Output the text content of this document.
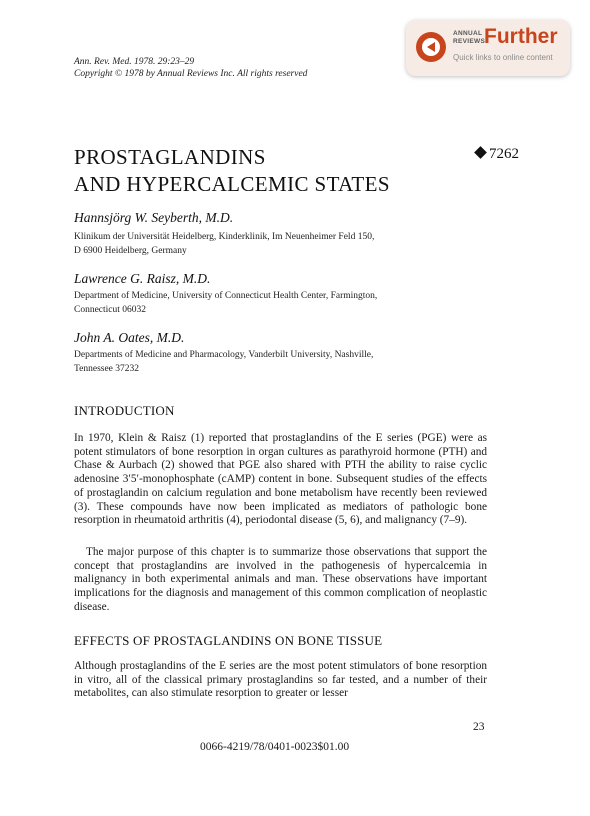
Ann. Rev. Med. 1978. 29:23–29
Copyright © 1978 by Annual Reviews Inc. All rights reserved
ANNUAL
REVIEWS
Further
Quick links to online content
PROSTAGLANDINS
AND HYPERCALCEMIC STATES
7262
Hannsjörg W. Seyberth, M.D.
Klinikum der Universität Heidelberg, Kinderklinik, Im Neuenheimer Feld 150,
D 6900 Heidelberg, Germany
Lawrence G. Raisz, M.D.
Department of Medicine, University of Connecticut Health Center, Farmington,
Connecticut 06032
John A. Oates, M.D.
Departments of Medicine and Pharmacology, Vanderbilt University, Nashville,
Tennessee 37232
INTRODUCTION
In 1970, Klein & Raisz (1) reported that prostaglandins of the E series (PGE) were as potent stimulators of bone resorption in organ cultures as parathyroid hormone (PTH) and Chase & Aurbach (2) showed that PGE also shared with PTH the ability to raise cyclic adenosine 3′5′-monophosphate (cAMP) content in bone. Subsequent studies of the effects of prostaglandin on calcium regulation and bone metabolism have recently been reviewed (3). These compounds have now been implicated as mediators of pathologic bone resorption in rheumatoid arthritis (4), periodontal disease (5, 6), and malignancy (7–9).
The major purpose of this chapter is to summarize those observations that support the concept that prostaglandins are involved in the pathogenesis of hypercalcemia in malignancy in both experimental animals and man. These observations have important implications for the diagnosis and management of this common complication of neoplastic disease.
EFFECTS OF PROSTAGLANDINS ON BONE TISSUE
Although prostaglandins of the E series are the most potent stimulators of bone resorption in vitro, all of the classical primary prostaglandins so far tested, and a number of their metabolites, can also stimulate resorption to greater or lesser
23
0066-4219/78/0401-0023$01.00
